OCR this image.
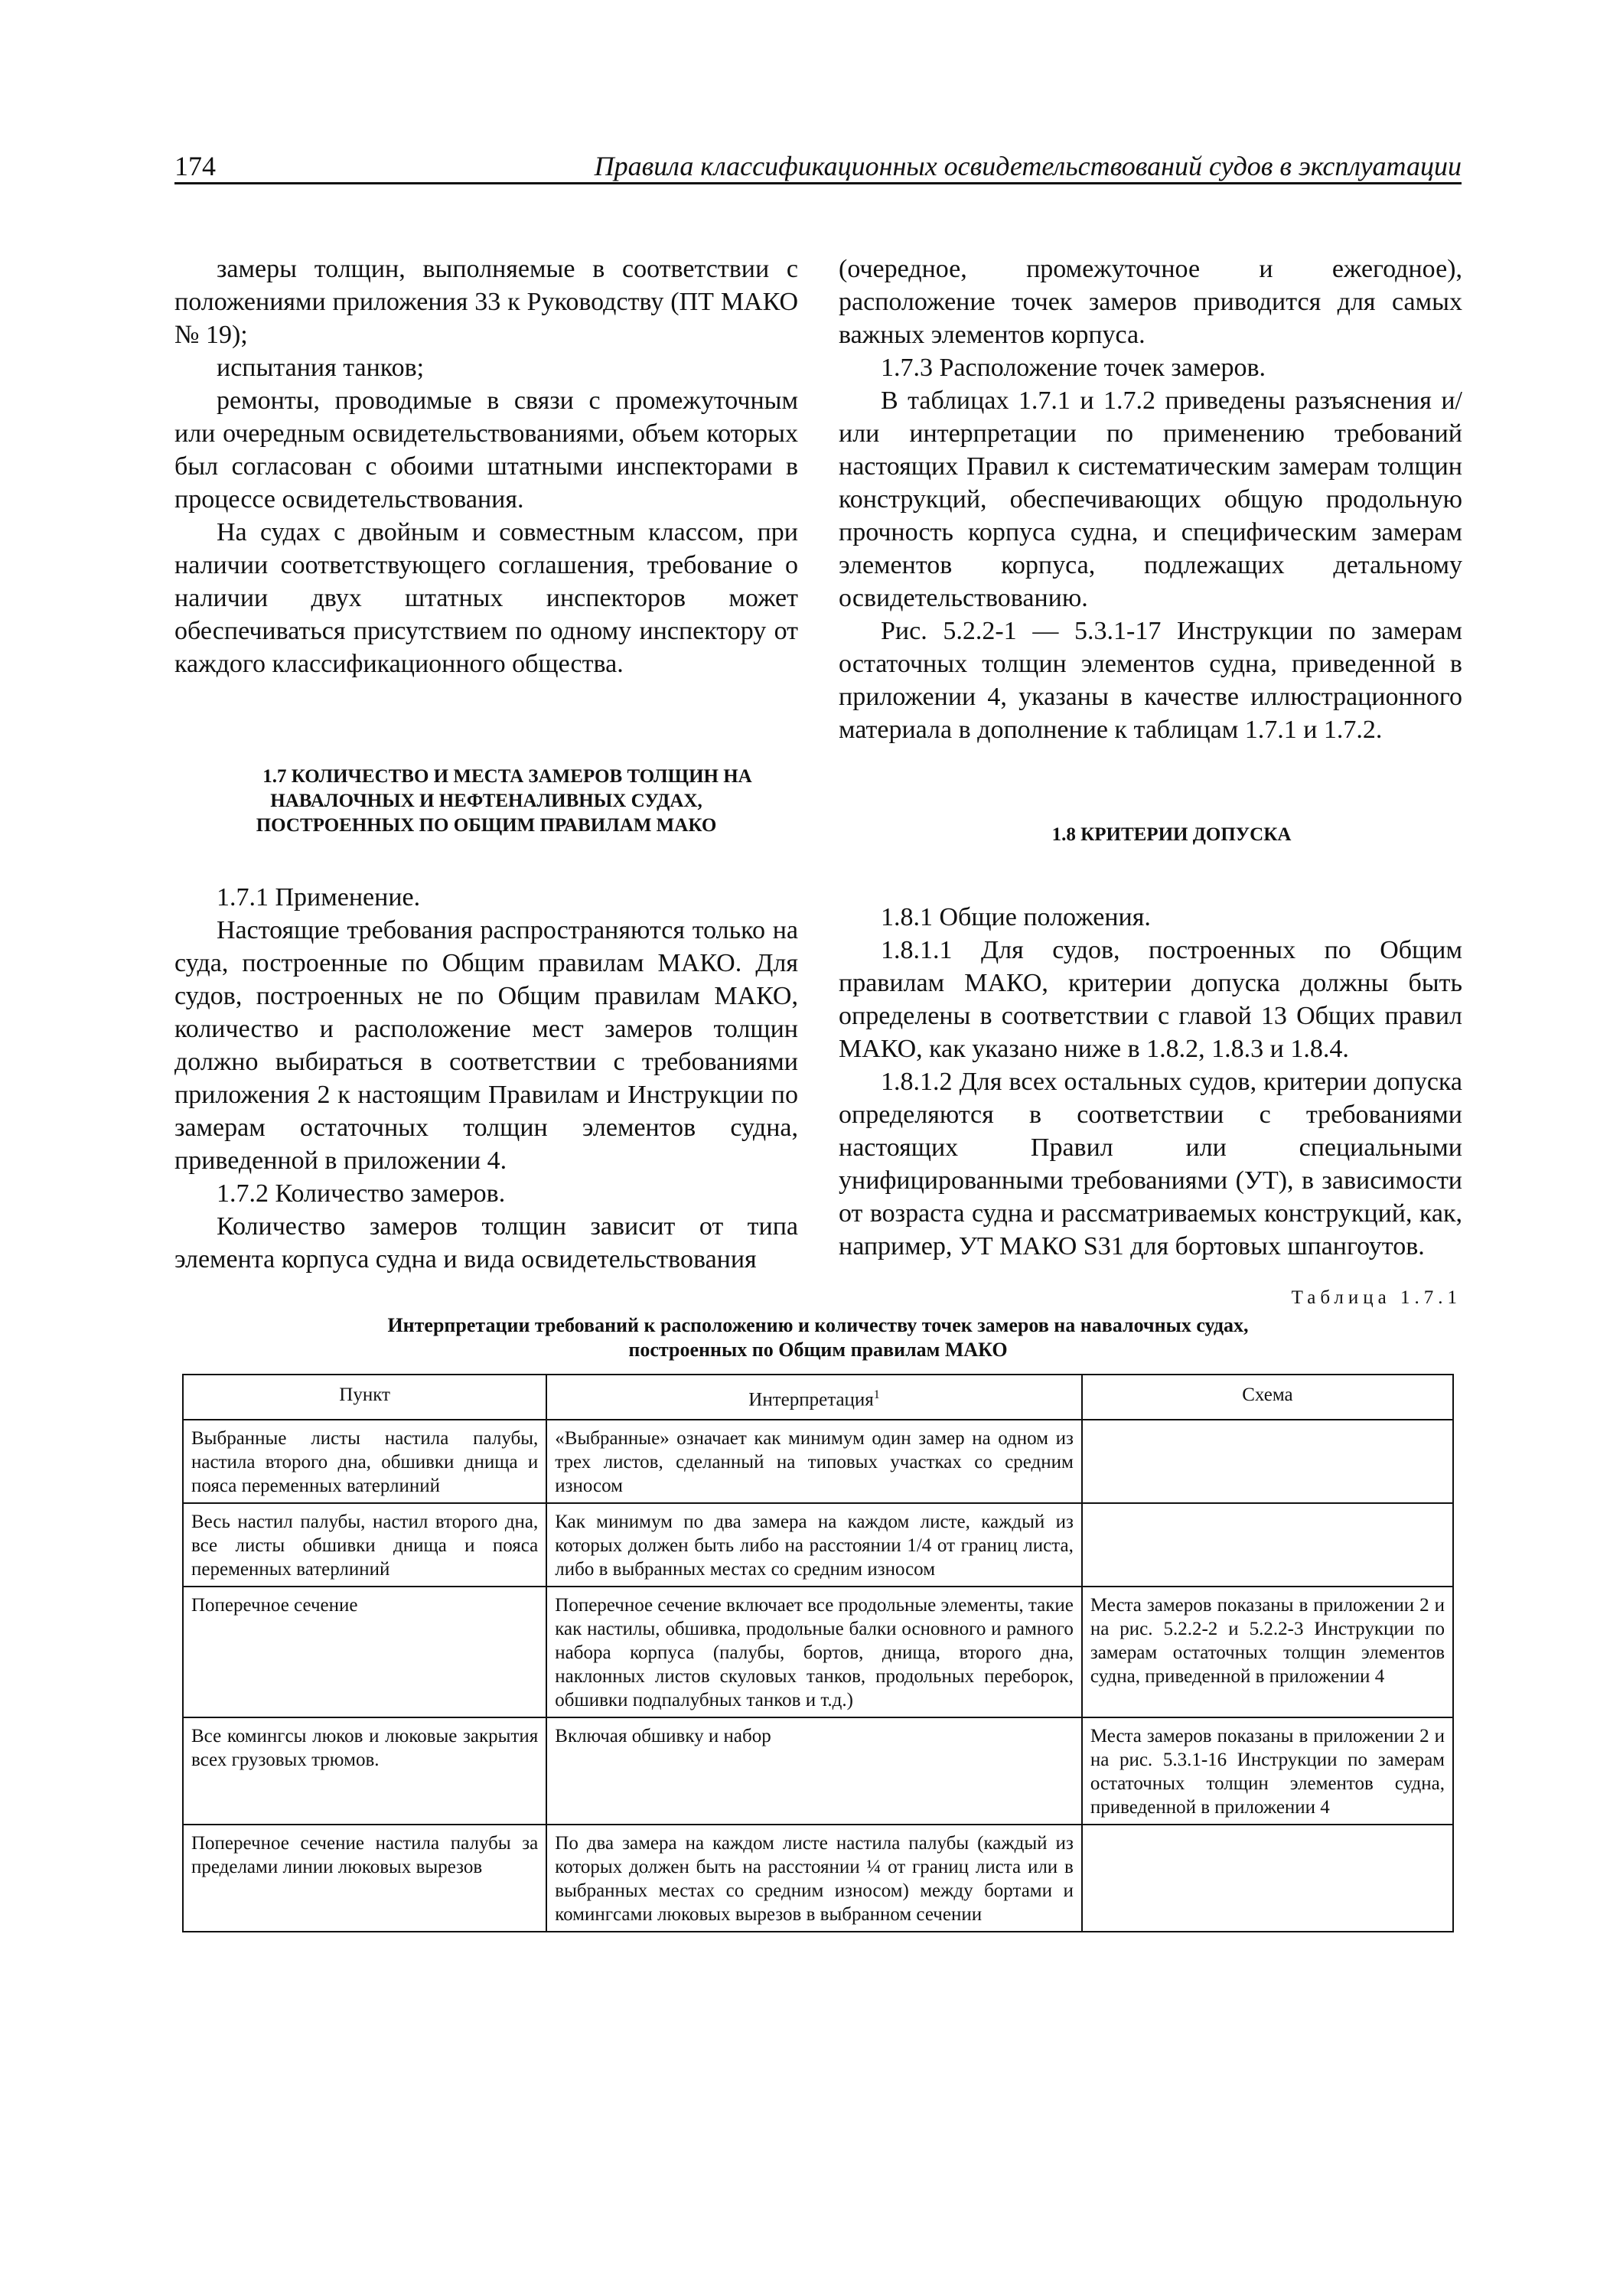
174	Правила классификационных освидетельствований судов в эксплуатации

замеры толщин, выполняемые в соответствии с положениями приложения 33 к Руководству (ПТ МАКО № 19);

испытания танков;

ремонты, проводимые в связи с промежуточным или очередным освидетельствованиями, объем которых был согласован с обоими штатными инспекторами в процессе освидетельствования.

На судах с двойным и совместным классом, при наличии соответствующего соглашения, требование о наличии двух штатных инспекторов может обеспечиваться присутствием по одному инспектору от каждого классификационного общества.

1.7 КОЛИЧЕСТВО И МЕСТА ЗАМЕРОВ ТОЛЩИН НА НАВАЛОЧНЫХ И НЕФТЕНАЛИВНЫХ СУДАХ, ПОСТРОЕННЫХ ПО ОБЩИМ ПРАВИЛАМ МАКО

1.7.1 Применение.

Настоящие требования распространяются только на суда, построенные по Общим правилам МАКО. Для судов, построенных не по Общим правилам МАКО, количество и расположение мест замеров толщин должно выбираться в соответствии с требованиями приложения 2 к настоящим Правилам и Инструкции по замерам остаточных толщин элементов судна, приведенной в приложении 4.

1.7.2 Количество замеров.

Количество замеров толщин зависит от типа элемента корпуса судна и вида освидетельствования

(очередное, промежуточное и ежегодное), расположение точек замеров приводится для самых важных элементов корпуса.

1.7.3 Расположение точек замеров.

В таблицах 1.7.1 и 1.7.2 приведены разъяснения и/или интерпретации по применению требований настоящих Правил к систематическим замерам толщин конструкций, обеспечивающих общую продольную прочность корпуса судна, и специфическим замерам элементов корпуса, подлежащих детальному освидетельствованию.

Рис. 5.2.2-1 — 5.3.1-17 Инструкции по замерам остаточных толщин элементов судна, приведенной в приложении 4, указаны в качестве иллюстрационного материала в дополнение к таблицам 1.7.1 и 1.7.2.

1.8 КРИТЕРИИ ДОПУСКА

1.8.1 Общие положения.

1.8.1.1 Для судов, построенных по Общим правилам МАКО, критерии допуска должны быть определены в соответствии с главой 13 Общих правил МАКО, как указано ниже в 1.8.2, 1.8.3 и 1.8.4.

1.8.1.2 Для всех остальных судов, критерии допуска определяются в соответствии с требованиями настоящих Правил или специальными унифицированными требованиями (УТ), в зависимости от возраста судна и рассматриваемых конструкций, как, например, УТ МАКО S31 для бортовых шпангоутов.

Таблица 1.7.1
Интерпретации требований к расположению и количеству точек замеров на навалочных судах,
построенных по Общим правилам МАКО
Пункт	Интерпретация$^1$	Схема
Выбранные листы настила палубы, настила второго дна, обшивки днища и пояса переменных ватерлиний	«Выбранные» означает как минимум один замер на одном из трех листов, сделанный на типовых участках со средним износом	
Весь настил палубы, настил второго дна, все листы обшивки днища и пояса переменных ватерлиний	Как минимум по два замера на каждом листе, каждый из которых должен быть либо на расстоянии 1/4 от границ листа, либо в выбранных местах со средним износом	
Поперечное сечение	Поперечное сечение включает все продольные элементы, такие как настилы, обшивка, продольные балки основного и рамного набора корпуса (палубы, бортов, днища, второго дна, наклонных листов скуловых танков, продольных переборок, обшивки подпалубных танков и т.д.)	Места замеров показаны в приложении 2 и на рис. 5.2.2-2 и 5.2.2-3 Инструкции по замерам остаточных толщин элементов судна, приведенной в приложении 4
Все комингсы люков и люковые закрытия всех грузовых трюмов.	Включая обшивку и набор	Места замеров показаны в приложении 2 и на рис. 5.3.1-16 Инструкции по замерам остаточных толщин элементов судна, приведенной в приложении 4
Поперечное сечение настила палубы за пределами линии люковых вырезов	По два замера на каждом листе настила палубы (каждый из которых должен быть на расстоянии ¼ от границ листа или в выбранных местах со средним износом) между бортами и комингсами люковых вырезов в выбранном сечении	
